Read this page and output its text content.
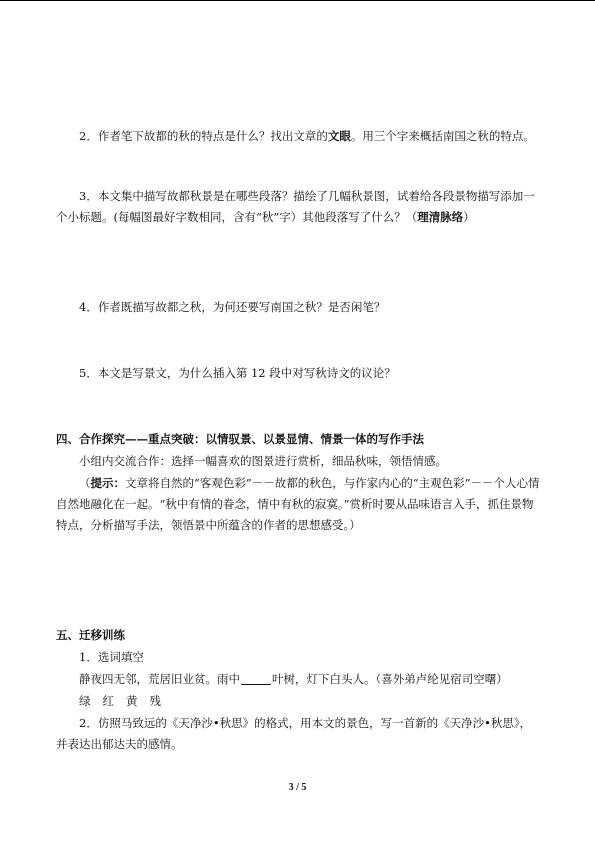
2．作者笔下故都的秋的特点是什么？找出文章的文眼。用三个字来概括南国之秋的特点。

3．本文集中描写故都秋景是在哪些段落？描绘了几幅秋景图，试着给各段景物描写添加一个小标题。(每幅图最好字数相同，含有“秋”字）其他段落写了什么？（理清脉络）

4．作者既描写故都之秋，为何还要写南国之秋？是否闲笔？

5．本文是写景文，为什么插入第 12 段中对写秋诗文的议论？

四、合作探究——重点突破：以情驭景、以景显情、情景一体的写作手法

小组内交流合作：选择一幅喜欢的图景进行赏析，细品秋味，领悟情感。

（提示：文章将自然的“客观色彩”－－故都的秋色，与作家内心的“主观色彩”－－个人心情自然地融化在一起。“秋中有情的眷念，情中有秋的寂寞。”赏析时要从品味语言入手，抓住景物特点，分析描写手法，领悟景中所蕴含的作者的思想感受。）

五、迁移训练

1．选词填空

静夜四无邻，荒居旧业贫。雨中	叶树，灯下白头人。（喜外弟卢纶见宿司空曙）

绿 红 黄 残

2．仿照马致远的《天净沙•秋思》的格式，用本文的景色，写一首新的《天净沙•秋思》，并表达出郁达夫的感情。

3 / 5
